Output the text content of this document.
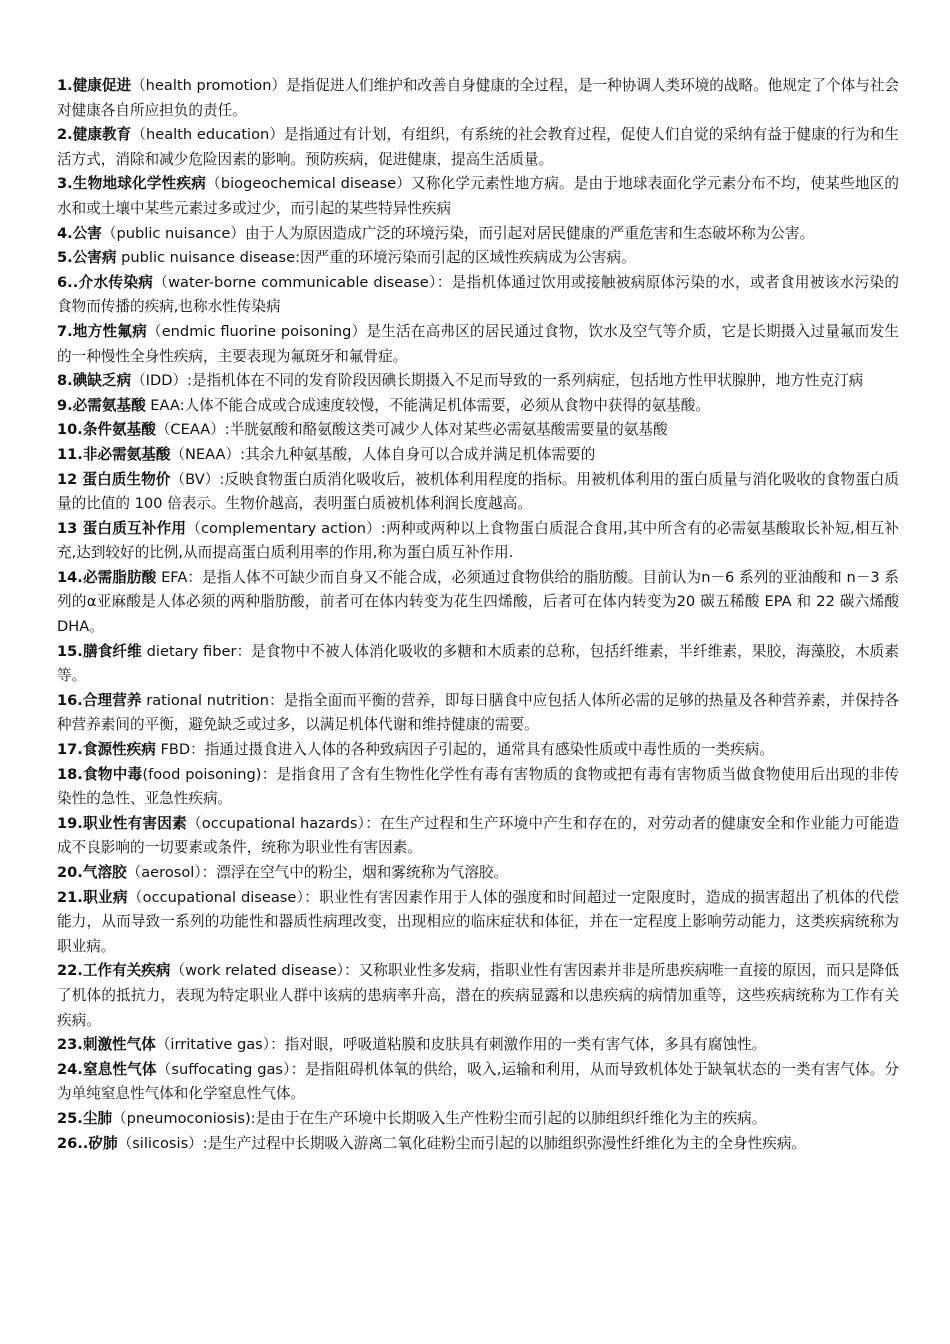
1.健康促进（health promotion）是指促进人们维护和改善自身健康的全过程，是一种协调人类环境的战略。他规定了个体与社会对健康各自所应担负的责任。

2.健康教育（health education）是指通过有计划，有组织，有系统的社会教育过程，促使人们自觉的采纳有益于健康的行为和生活方式，消除和减少危险因素的影响。预防疾病，促进健康，提高生活质量。

3.生物地球化学性疾病（biogeochemical disease）又称化学元素性地方病。是由于地球表面化学元素分布不均，使某些地区的水和或土壤中某些元素过多或过少，而引起的某些特异性疾病

4.公害（public nuisance）由于人为原因造成广泛的环境污染，而引起对居民健康的严重危害和生态破坏称为公害。

5.公害病 public nuisance disease:因严重的环境污染而引起的区域性疾病成为公害病。

6..介水传染病（water-borne communicable disease）：是指机体通过饮用或接触被病原体污染的水，或者食用被该水污染的食物而传播的疾病,也称水性传染病

7.地方性氟病（endmic fluorine poisoning）是生活在高弗区的居民通过食物，饮水及空气等介质，它是长期摄入过量氟而发生的一种慢性全身性疾病，主要表现为氟斑牙和氟骨症。

8.碘缺乏病（IDD）:是指机体在不同的发育阶段因碘长期摄入不足而导致的一系列病症，包括地方性甲状腺肿，地方性克汀病

9.必需氨基酸 EAA:人体不能合成或合成速度较慢，不能满足机体需要，必须从食物中获得的氨基酸。

10.条件氨基酸（CEAA）:半胱氨酸和酪氨酸这类可减少人体对某些必需氨基酸需要量的氨基酸

11.非必需氨基酸（NEAA）:其余九种氨基酸，人体自身可以合成并满足机体需要的

12 蛋白质生物价（BV）:反映食物蛋白质消化吸收后，被机体利用程度的指标。用被机体利用的蛋白质量与消化吸收的食物蛋白质量的比值的 100 倍表示。生物价越高，表明蛋白质被机体利润长度越高。

13 蛋白质互补作用（complementary action）:两种或两种以上食物蛋白质混合食用,其中所含有的必需氨基酸取长补短,相互补充,达到较好的比例,从而提高蛋白质利用率的作用,称为蛋白质互补作用.

14.必需脂肪酸 EFA：是指人体不可缺少而自身又不能合成，必须通过食物供给的脂肪酸。目前认为n－6 系列的亚油酸和 n－3 系列的α亚麻酸是人体必须的两种脂肪酸，前者可在体内转变为花生四烯酸，后者可在体内转变为20 碳五稀酸 EPA 和 22 碳六烯酸 DHA。

15.膳食纤维 dietary fiber：是食物中不被人体消化吸收的多糖和木质素的总称，包括纤维素，半纤维素，果胶，海藻胶，木质素等。

16.合理营养 rational nutrition：是指全面而平衡的营养，即每日膳食中应包括人体所必需的足够的热量及各种营养素，并保持各种营养素间的平衡，避免缺乏或过多，以满足机体代谢和维持健康的需要。

17.食源性疾病 FBD：指通过摄食进入人体的各种致病因子引起的，通常具有感染性质或中毒性质的一类疾病。

18.食物中毒(food poisoning)：是指食用了含有生物性化学性有毒有害物质的食物或把有毒有害物质当做食物使用后出现的非传染性的急性、亚急性疾病。

19.职业性有害因素（occupational hazards）：在生产过程和生产环境中产生和存在的，对劳动者的健康安全和作业能力可能造成不良影响的一切要素或条件，统称为职业性有害因素。

20.气溶胶（aerosol）：漂浮在空气中的粉尘，烟和雾统称为气溶胶。

21.职业病（occupational disease）：职业性有害因素作用于人体的强度和时间超过一定限度时，造成的损害超出了机体的代偿能力，从而导致一系列的功能性和器质性病理改变，出现相应的临床症状和体征，并在一定程度上影响劳动能力，这类疾病统称为职业病。

22.工作有关疾病（work related disease）：又称职业性多发病，指职业性有害因素并非是所患疾病唯一直接的原因，而只是降低了机体的抵抗力，表现为特定职业人群中该病的患病率升高，潜在的疾病显露和以患疾病的病情加重等，这些疾病统称为工作有关疾病。

23.刺激性气体（irritative gas）：指对眼，呼吸道粘膜和皮肤具有刺激作用的一类有害气体，多具有腐蚀性。

24.窒息性气体（suffocating gas）：是指阻碍机体氧的供给，吸入,运输和利用，从而导致机体处于缺氧状态的一类有害气体。分为单纯窒息性气体和化学窒息性气体。

25.尘肺（pneumoconiosis):是由于在生产环境中长期吸入生产性粉尘而引起的以肺组织纤维化为主的疾病。

26..矽肺（silicosis）:是生产过程中长期吸入游离二氧化硅粉尘而引起的以肺组织弥漫性纤维化为主的全身性疾病。
